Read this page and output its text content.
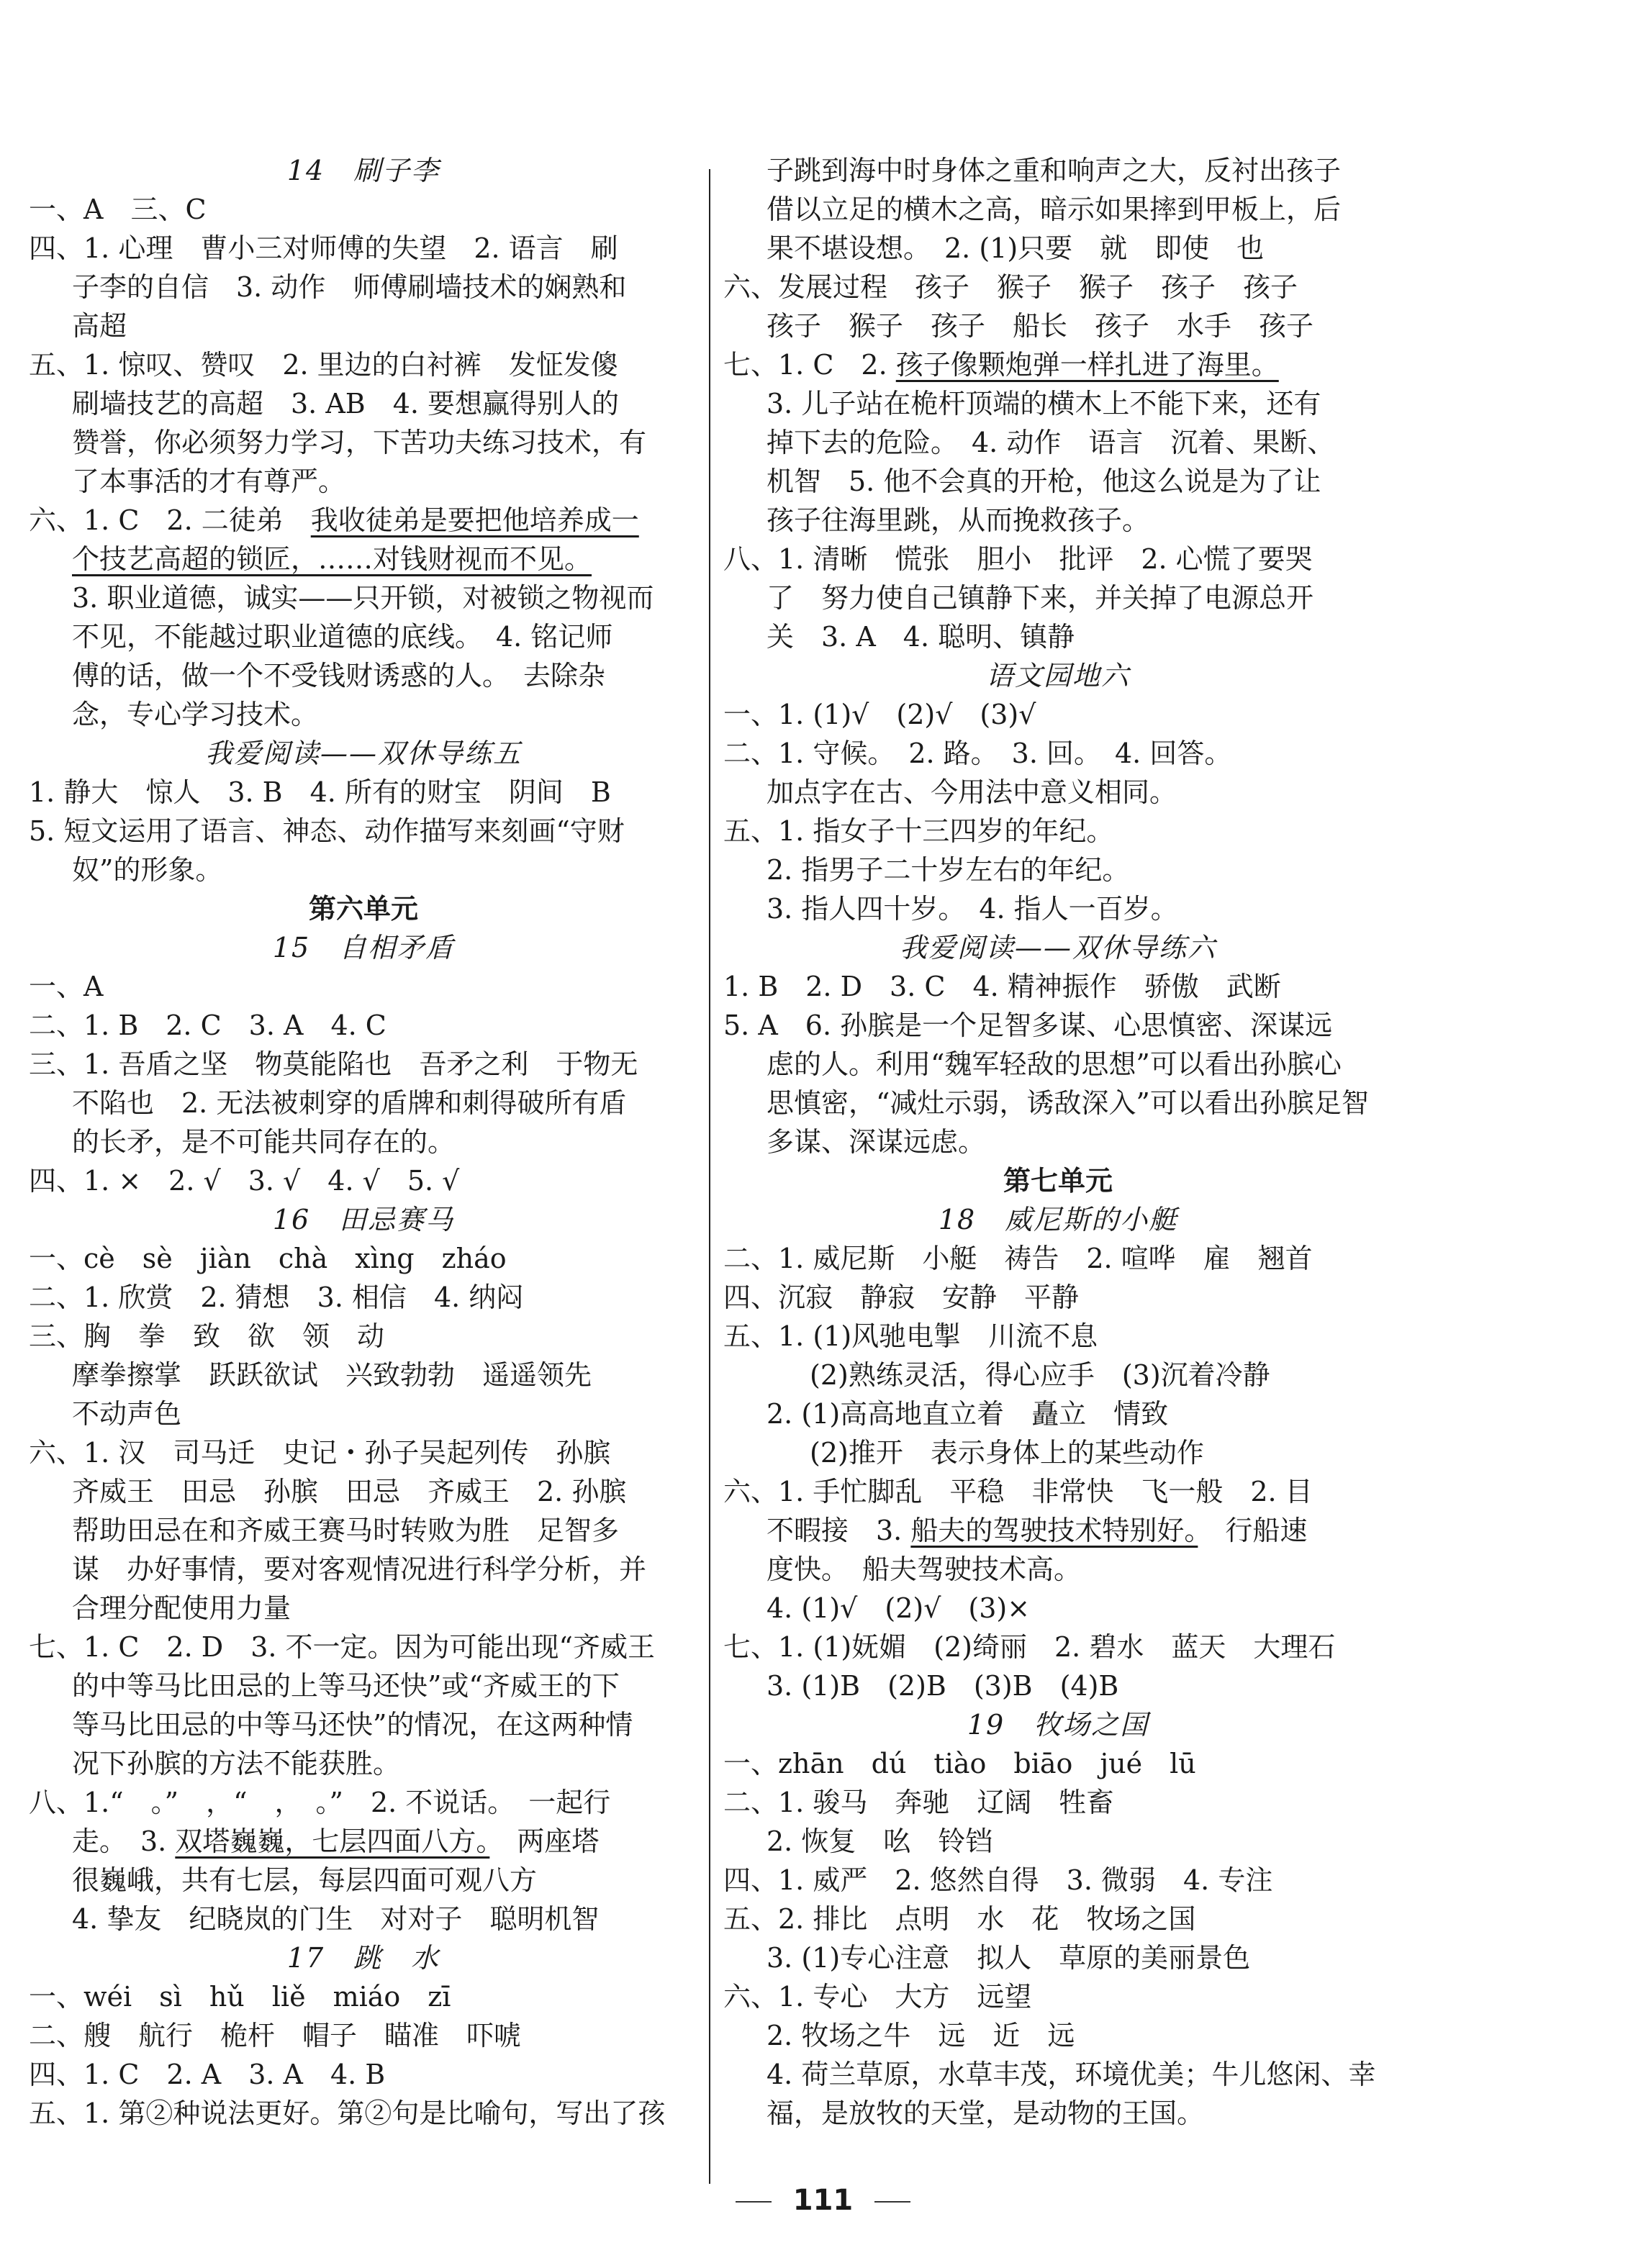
14　刷子李
一、A　三、C
四、1. 心理　曹小三对师傅的失望　2. 语言　刷
子李的自信　3. 动作　师傅刷墙技术的娴熟和
高超
五、1. 惊叹、赞叹　2. 里边的白衬裤　发怔发傻
刷墙技艺的高超　3. AB　4. 要想赢得别人的
赞誉，你必须努力学习，下苦功夫练习技术，有
了本事活的才有尊严。
六、1. C　2. 二徒弟　我收徒弟是要把他培养成一
个技艺高超的锁匠，……对钱财视而不见。
3. 职业道德，诚实——只开锁，对被锁之物视而
不见，不能越过职业道德的底线。　4. 铭记师
傅的话，做一个不受钱财诱惑的人。　去除杂
念，专心学习技术。
我爱阅读——双休导练五
1. 静大　惊人　3. B　4. 所有的财宝　阴间　B
5. 短文运用了语言、神态、动作描写来刻画“守财
奴”的形象。
第六单元
15　自相矛盾
一、A
二、1. B　2. C　3. A　4. C
三、1. 吾盾之坚　物莫能陷也　吾矛之利　于物无
不陷也　2. 无法被刺穿的盾牌和刺得破所有盾
的长矛，是不可能共同存在的。
四、1. ×　2. √　3. √　4. √　5. √
16　田忌赛马
一、cè　sè　jiàn　chà　xìng　zháo
二、1. 欣赏　2. 猜想　3. 相信　4. 纳闷
三、胸　拳　致　欲　领　动
摩拳擦掌　跃跃欲试　兴致勃勃　遥遥领先
不动声色
六、1. 汉　司马迁　史记・孙子吴起列传　孙膑
齐威王　田忌　孙膑　田忌　齐威王　2. 孙膑
帮助田忌在和齐威王赛马时转败为胜　足智多
谋　办好事情，要对客观情况进行科学分析，并
合理分配使用力量
七、1. C　2. D　3. 不一定。因为可能出现“齐威王
的中等马比田忌的上等马还快”或“齐威王的下
等马比田忌的中等马还快”的情况，在这两种情
况下孙膑的方法不能获胜。
八、1.“　。”　，“　，　。”　2. 不说话。　一起行
走。　3. 双塔巍巍，七层四面八方。　两座塔
很巍峨，共有七层，每层四面可观八方
4. 挚友　纪晓岚的门生　对对子　聪明机智
17　跳　水
一、wéi　sì　hǔ　liě　miáo　zī
二、艘　航行　桅杆　帽子　瞄准　吓唬
四、1. C　2. A　3. A　4. B
五、1. 第②种说法更好。第②句是比喻句，写出了孩
子跳到海中时身体之重和响声之大，反衬出孩子
借以立足的横木之高，暗示如果摔到甲板上，后
果不堪设想。　2. (1)只要　就　即使　也
六、发展过程　孩子　猴子　猴子　孩子　孩子
孩子　猴子　孩子　船长　孩子　水手　孩子
七、1. C　2. 孩子像颗炮弹一样扎进了海里。
3. 儿子站在桅杆顶端的横木上不能下来，还有
掉下去的危险。　4. 动作　语言　沉着、果断、
机智　5. 他不会真的开枪，他这么说是为了让
孩子往海里跳，从而挽救孩子。
八、1. 清晰　慌张　胆小　批评　2. 心慌了要哭
了　努力使自己镇静下来，并关掉了电源总开
关　3. A　4. 聪明、镇静
语文园地六
一、1. (1)√　(2)√　(3)√
二、1. 守候。　2. 路。　3. 回。　4. 回答。
加点字在古、今用法中意义相同。
五、1. 指女子十三四岁的年纪。
2. 指男子二十岁左右的年纪。
3. 指人四十岁。　4. 指人一百岁。
我爱阅读——双休导练六
1. B　2. D　3. C　4. 精神振作　骄傲　武断
5. A　6. 孙膑是一个足智多谋、心思慎密、深谋远
虑的人。利用“魏军轻敌的思想”可以看出孙膑心
思慎密，“减灶示弱，诱敌深入”可以看出孙膑足智
多谋、深谋远虑。
第七单元
18　威尼斯的小艇
二、1. 威尼斯　小艇　祷告　2. 喧哗　雇　翘首
四、沉寂　静寂　安静　平静
五、1. (1)风驰电掣　川流不息
(2)熟练灵活，得心应手　(3)沉着冷静
2. (1)高高地直立着　矗立　情致
(2)推开　表示身体上的某些动作
六、1. 手忙脚乱　平稳　非常快　飞一般　2. 目
不暇接　3. 船夫的驾驶技术特别好。　行船速
度快。　船夫驾驶技术高。
4. (1)√　(2)√　(3)×
七、1. (1)妩媚　(2)绮丽　2. 碧水　蓝天　大理石
3. (1)B　(2)B　(3)B　(4)B
19　牧场之国
一、zhān　dú　tiào　biāo　jué　lū
二、1. 骏马　奔驰　辽阔　牲畜
2. 恢复　吆　铃铛
四、1. 威严　2. 悠然自得　3. 微弱　4. 专注
五、2. 排比　点明　水　花　牧场之国
3. (1)专心注意　拟人　草原的美丽景色
六、1. 专心　大方　远望
2. 牧场之牛　远　近　远
4. 荷兰草原，水草丰茂，环境优美；牛儿悠闲、幸
福，是放牧的天堂，是动物的王国。
111
